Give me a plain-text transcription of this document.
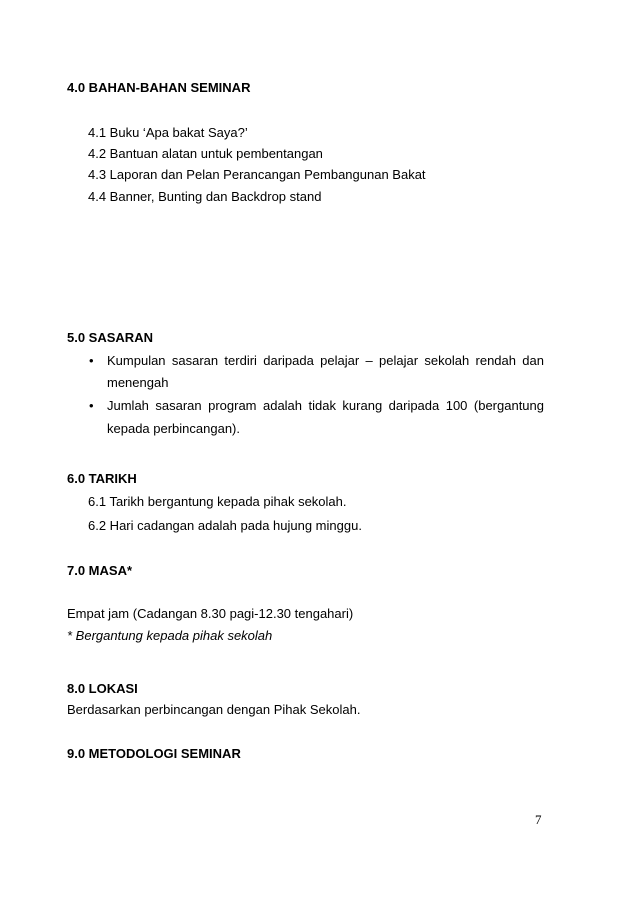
4.0 BAHAN-BAHAN SEMINAR
4.1 Buku ‘Apa bakat Saya?’
4.2 Bantuan alatan untuk pembentangan
4.3 Laporan dan Pelan Perancangan Pembangunan Bakat
4.4 Banner, Bunting dan Backdrop stand
5.0 SASARAN
• Kumpulan sasaran terdiri daripada pelajar – pelajar sekolah rendah dan
menengah
• Jumlah sasaran program adalah tidak kurang daripada 100 (bergantung
kepada perbincangan).
6.0 TARIKH
6.1 Tarikh bergantung kepada pihak sekolah.
6.2 Hari cadangan adalah pada hujung minggu.
7.0 MASA*
Empat jam (Cadangan 8.30 pagi-12.30 tengahari)
* Bergantung kepada pihak sekolah
8.0 LOKASI
Berdasarkan perbincangan dengan Pihak Sekolah.
9.0 METODOLOGI SEMINAR
7
